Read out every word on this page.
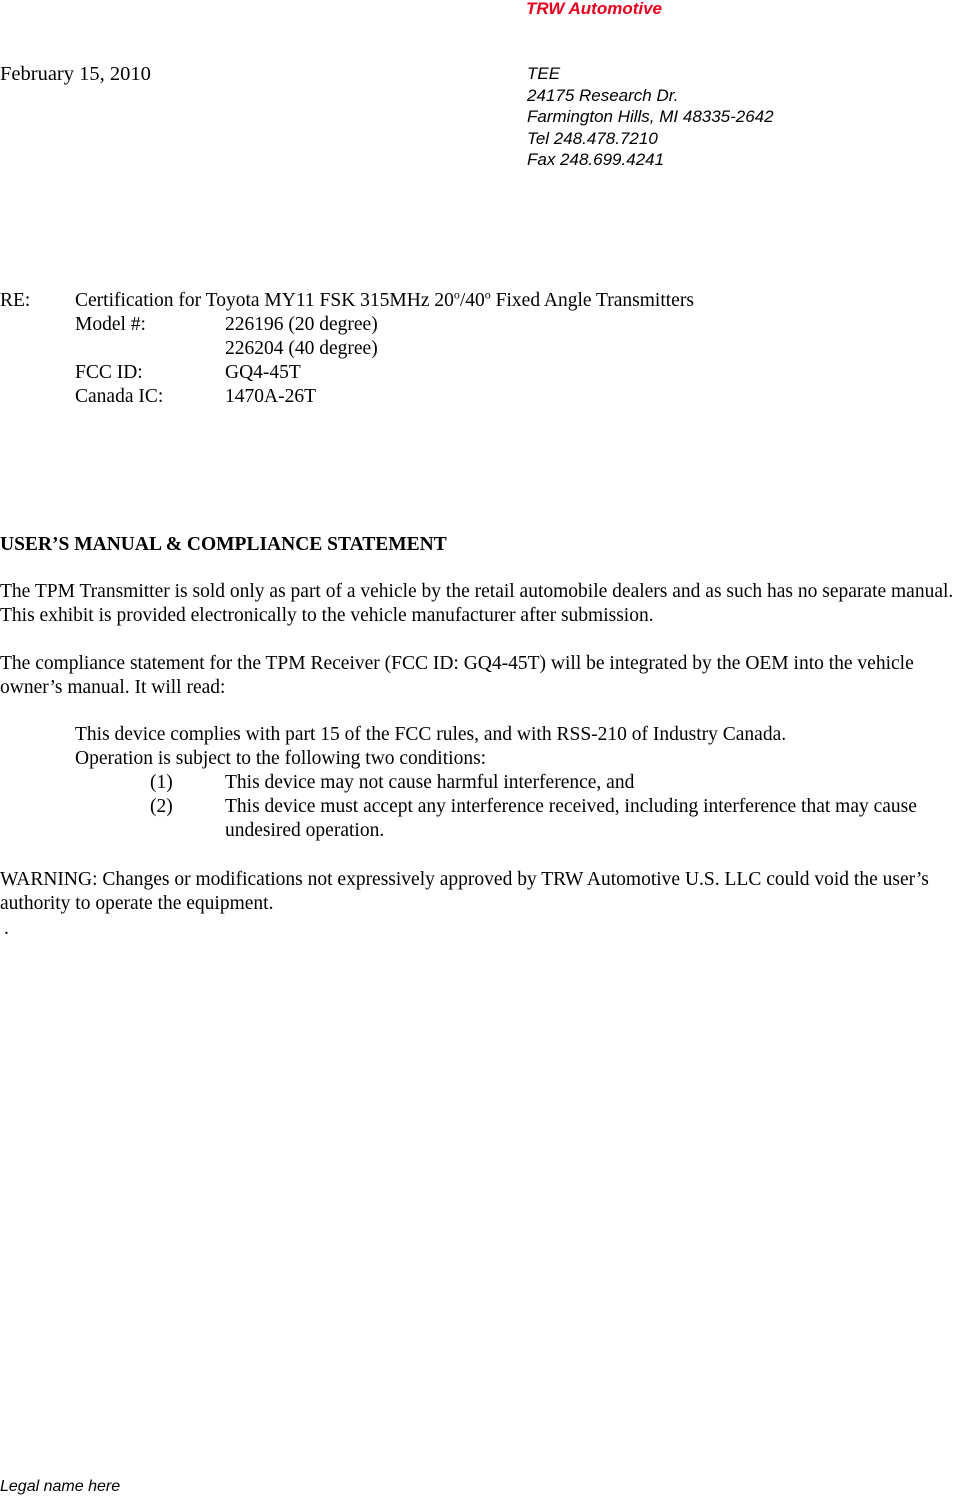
TRW Automotive
February 15, 2010	TEE
24175 Research Dr.
Farmington Hills, MI 48335-2642
Tel 248.478.7210
Fax 248.699.4241
RE: Certification for Toyota MY11 FSK 315MHz 20$^o$/40$^o$ Fixed Angle Transmitters
Model #:	226196 (20 degree)
226204 (40 degree)
FCC ID:	GQ4-45T
Canada IC:	1470A-26T
USER’S MANUAL & COMPLIANCE STATEMENT
The TPM Transmitter is sold only as part of a vehicle by the retail automobile dealers and as such has no separate manual. This exhibit is provided electronically to the vehicle manufacturer after submission.
The compliance statement for the TPM Receiver (FCC ID: GQ4-45T) will be integrated by the OEM into the vehicle owner’s manual. It will read:
This device complies with part 15 of the FCC rules, and with RSS-210 of Industry Canada.
Operation is subject to the following two conditions:
(1)	This device may not cause harmful interference, and
(2)	This device must accept any interference received, including interference that may cause undesired operation.
WARNING: Changes or modifications not expressively approved by TRW Automotive U.S. LLC could void the user’s authority to operate the equipment.
.
Legal name here
